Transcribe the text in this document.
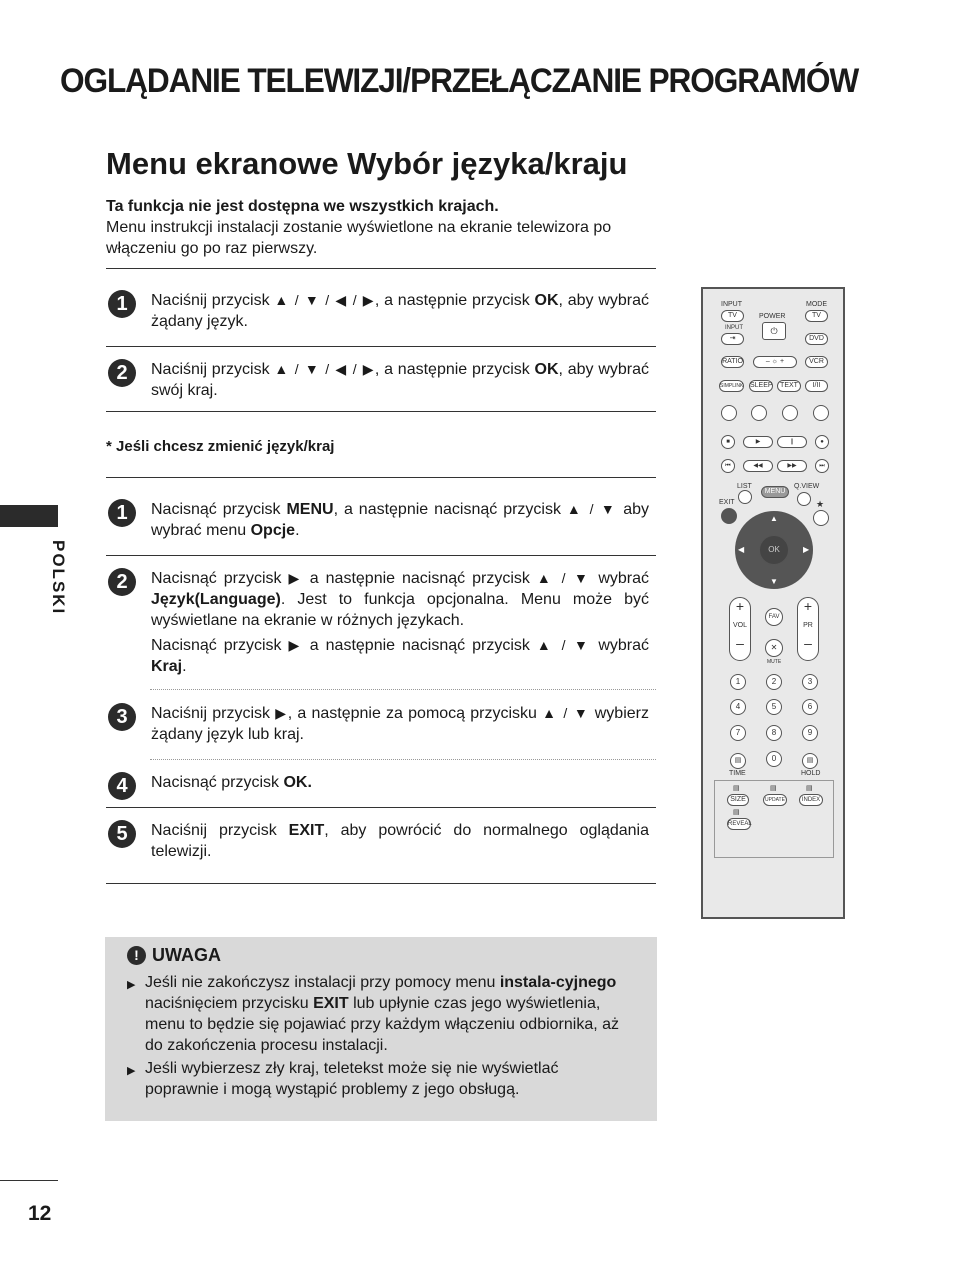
OGLĄDANIE TELEWIZJI/PRZEŁĄCZANIE PROGRAMÓW
Menu ekranowe Wybór języka/kraju
Ta funkcja nie jest dostępna we wszystkich krajach.
Menu instrukcji instalacji zostanie wyświetlone na ekranie telewizora po włączeniu go po raz pierwszy.
1	Naciśnij przycisk ▲ / ▼ / ◀ / ▶, a następnie przycisk OK, aby wybrać żądany język.
2	Naciśnij przycisk ▲ / ▼ / ◀ / ▶, a następnie przycisk OK, aby wybrać swój kraj.
* Jeśli chcesz zmienić język/kraj
1	Nacisnąć przycisk MENU, a następnie nacisnąć przycisk ▲ / ▼ aby wybrać menu Opcje.
2	Nacisnąć przycisk ▶ a następnie nacisnąć przycisk ▲ / ▼ wybrać Język(Language). Jest to funkcja opcjonalna. Menu może być wyświetlane na ekranie w różnych językach.
Nacisnąć przycisk ▶ a następnie nacisnąć przycisk ▲ / ▼ wybrać Kraj.
3	Naciśnij przycisk ▶, a następnie za pomocą przycisku ▲ / ▼ wybierz żądany język lub kraj.
4	Nacisnąć przycisk OK.
5	Naciśnij przycisk EXIT, aby powrócić do normalnego oglądania telewizji.
! UWAGA
▶ Jeśli nie zakończysz instalacji przy pomocy menu instala-cyjnego naciśnięciem przycisku EXIT lub upłynie czas jego wyświetlenia, menu to będzie się pojawiać przy każdym włączeniu odbiornika, aż do zakończenia procesu instalacji.
▶ Jeśli wybierzesz zły kraj, teletekst może się nie wyświetlać poprawnie i mogą wystąpić problemy z jego obsługą.
POLSKI
12
INPUT	MODE
TV	POWER	TV
INPUT
⇥
⏻
DVD
RATIO	– ☼ +	VCR
SIMPLINK SLEEP	TEXT	I/II
■	▶	❙	●
⏮	◀◀	▶▶	⏭
LIST	Q.VIEW
MENU
EXIT	★
OK
▲
▼
◀	▶
+
VOL
–
+
PR
–
FAV
✕
MUTE
1	2	3
4	5	6
7	8	9
▤	0	▤
TIME	HOLD
▤	▤	▤
SIZE	UPDATE	INDEX
▤
REVEAL
